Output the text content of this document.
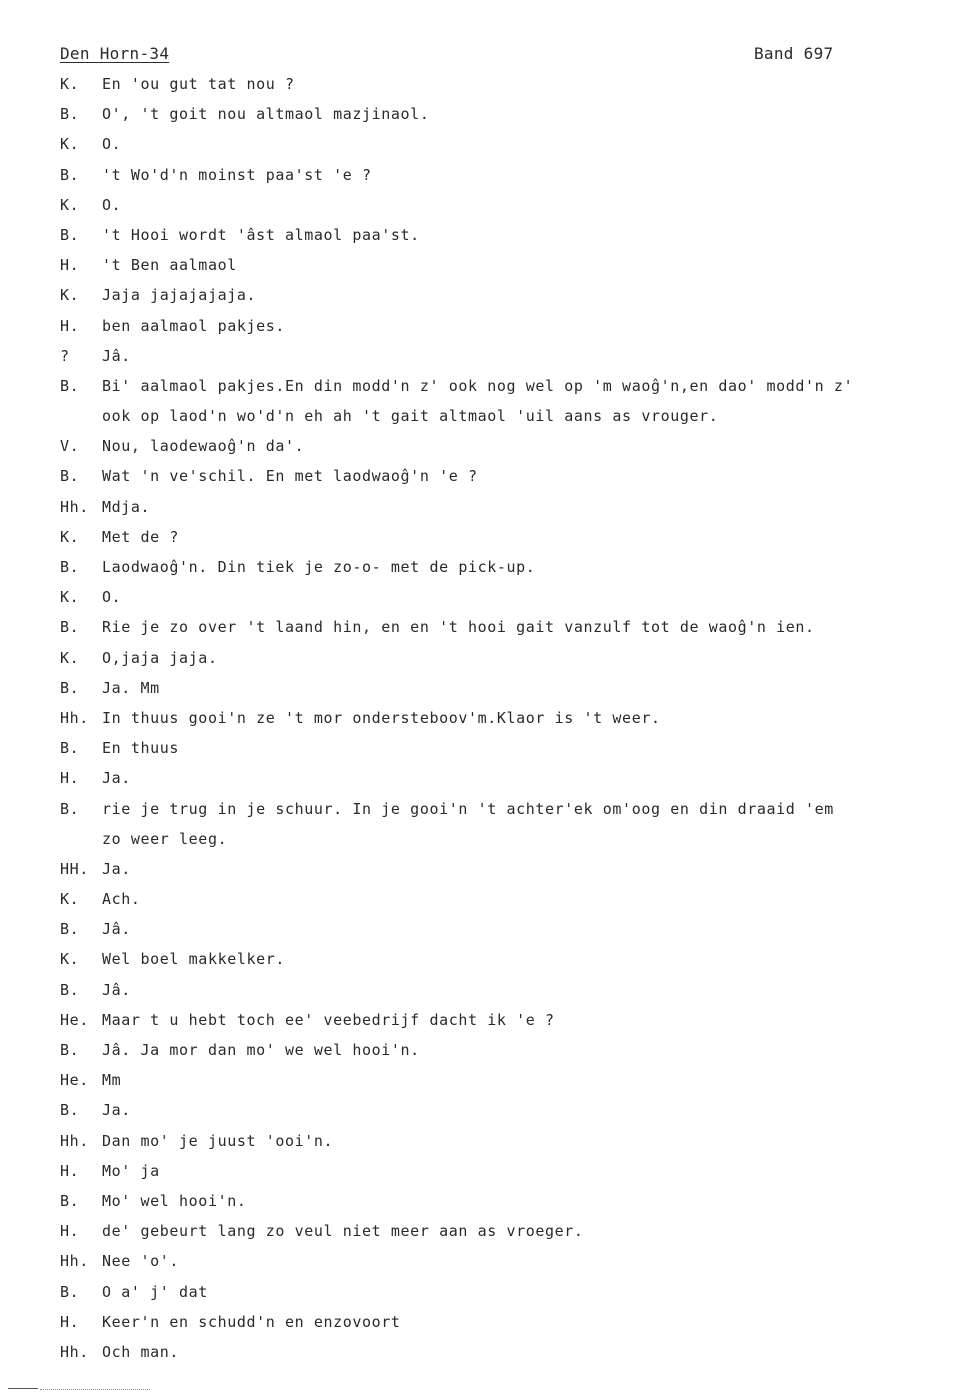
Den Horn-34	Band 697
K. En 'ou gut tat nou ?
B. O', 't goit nou altmaol mazjinaol.
K. O.
B. 't Wo'd'n moinst paa'st 'e ?
K. O.
B. 't Hooi wordt 'âst almaol paa'st.
H. 't Ben aalmaol
K. Jaja jajajajaja.
H. ben aalmaol pakjes.
? Jâ.
B. Bi' aalmaol pakjes.En din modd'n z' ook nog wel op 'm waoĝ'n,en dao' modd'n z'
ook op laod'n wo'd'n eh ah 't gait altmaol 'uil aans as vrouger.
V. Nou, laodewaoĝ'n da'.
B. Wat 'n ve'schil. En met laodwaoĝ'n 'e ?
Hh. Mdja.
K. Met de ?
B. Laodwaoĝ'n. Din tiek je zo-o- met de pick-up.
K. O.
B. Rie je zo over 't laand hin, en en 't hooi gait vanzulf tot de waoĝ'n ien.
K. O,jaja jaja.
B. Ja. Mm
Hh. In thuus gooi'n ze 't mor ondersteboov'm.Klaor is 't weer.
B. En thuus
H. Ja.
B. rie je trug in je schuur. In je gooi'n 't achter'ek om'oog en din draaid 'em
zo weer leeg.
HH. Ja.
K. Ach.
B. Jâ.
K. Wel boel makkelker.
B. Jâ.
He. Maar t u hebt toch ee' veebedrijf dacht ik 'e ?
B. Jâ. Ja mor dan mo' we wel hooi'n.
He. Mm
B. Ja.
Hh. Dan mo' je juust 'ooi'n.
H. Mo' ja
B. Mo' wel hooi'n.
H. de' gebeurt lang zo veul niet meer aan as vroeger.
Hh. Nee 'o'.
B. O a' j' dat
H. Keer'n en schudd'n en enzovoort
Hh. Och man.
